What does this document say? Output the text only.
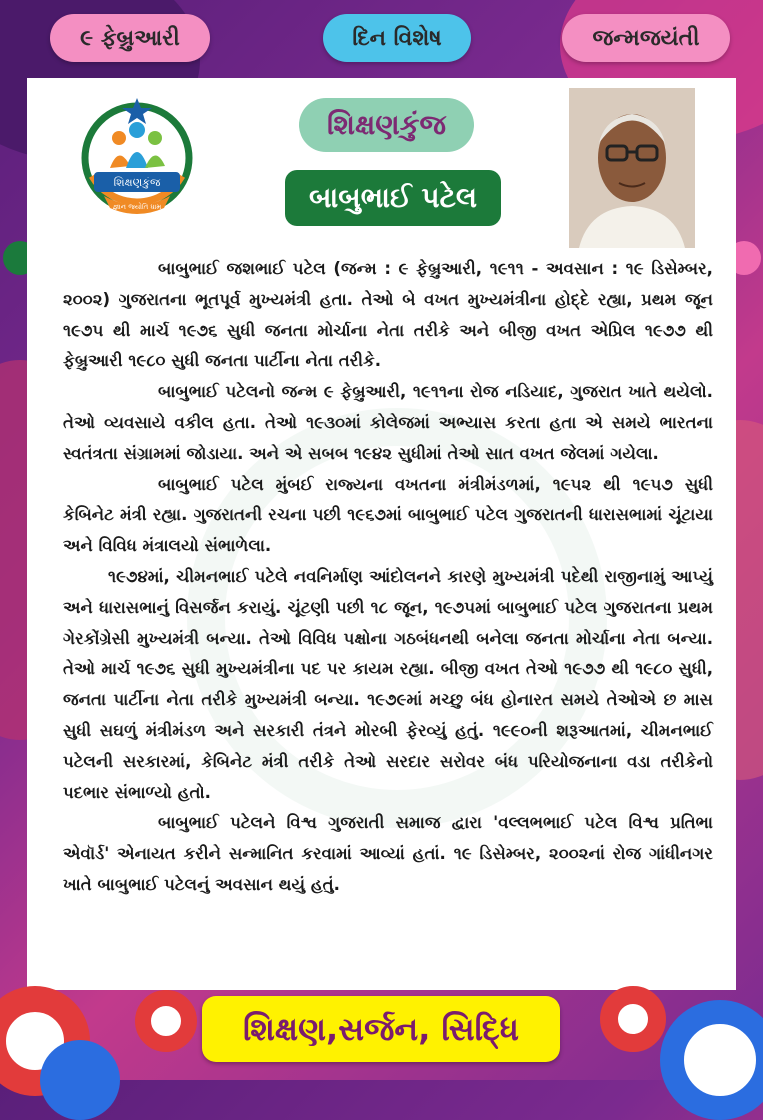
૯ ફેબ્રુઆરી	દિન વિશેષ	જન્મજયંતી
શિક્ષણકુંજ
જ્ઞાન જ્યોતિ ધામ
શિક્ષણકુંજ
બાબુભાઈ પટેલ

બાબુભાઈ જશભાઈ પટેલ (જન્મ : ૯ ફેબ્રુઆરી, ૧૯૧૧ - અવસાન : ૧૯ ડિસેમ્બર, ૨૦૦૨) ગુજરાતના ભૂતપૂર્વ મુખ્યમંત્રી હતા. તેઓ બે વખત મુખ્યમંત્રીના હોદ્દે રહ્યા, પ્રથમ જૂન ૧૯૭૫ થી માર્ચ ૧૯૭૬ સુધી જનતા મોર્ચાના નેતા તરીકે અને બીજી વખત એપ્રિલ ૧૯૭૭ થી ફેબ્રુઆરી ૧૯૮૦ સુધી જનતા પાર્ટીના નેતા તરીકે.

બાબુભાઈ પટેલનો જન્મ ૯ ફેબ્રુઆરી, ૧૯૧૧ના રોજ નડિયાદ, ગુજરાત ખાતે થયેલો. તેઓ વ્યવસાયે વકીલ હતા. તેઓ ૧૯૩૦માં કોલેજમાં અભ્યાસ કરતા હતા એ સમયે ભારતના સ્વતંત્રતા સંગ્રામમાં જોડાયા. અને એ સબબ ૧૯૪૨ સુધીમાં તેઓ સાત વખત જેલમાં ગયેલા.

બાબુભાઈ પટેલ મુંબઈ રાજ્યના વખતના મંત્રીમંડળમાં, ૧૯૫૨ થી ૧૯૫૭ સુધી કેબિનેટ મંત્રી રહ્યા. ગુજરાતની રચના પછી ૧૯૬૭માં બાબુભાઈ પટેલ ગુજરાતની ધારાસભામાં ચૂંટાયા અને વિવિધ મંત્રાલયો સંભાળેલા.

૧૯૭૪માં, ચીમનભાઈ પટેલે નવનિર્માણ આંદોલનને કારણે મુખ્યમંત્રી પદેથી રાજીનામું આપ્યું અને ધારાસભાનું વિસર્જન કરાયું. ચૂંટણી પછી ૧૮ જૂન, ૧૯૭૫માં બાબુભાઈ પટેલ ગુજરાતના પ્રથમ ગેરકોંગ્રેસી મુખ્યમંત્રી બન્યા. તેઓ વિવિધ પક્ષોના ગઠબંધનથી બનેલા જનતા મોર્ચાના નેતા બન્યા. તેઓ માર્ચ ૧૯૭૬ સુધી મુખ્યમંત્રીના પદ પર કાયમ રહ્યા. બીજી વખત તેઓ ૧૯૭૭ થી ૧૯૮૦ સુધી, જનતા પાર્ટીના નેતા તરીકે મુખ્યમંત્રી બન્યા. ૧૯૭૯માં મચ્છુ બંધ હોનારત સમયે તેઓએ છ માસ સુધી સઘળું મંત્રીમંડળ અને સરકારી તંત્રને મોરબી ફેરવ્યું હતું. ૧૯૯૦ની શરૂઆતમાં, ચીમનભાઈ પટેલની સરકારમાં, કેબિનેટ મંત્રી તરીકે તેઓ સરદાર સરોવર બંધ પરિયોજનાના વડા તરીકેનો પદભાર સંભાળ્યો હતો.

બાબુભાઈ પટેલને વિશ્વ ગુજરાતી સમાજ દ્વારા 'વલ્લભભાઈ પટેલ વિશ્વ પ્રતિભા એવૉર્ડ' એનાયત કરીને સન્માનિત કરવામાં આવ્યાં હતાં. ૧૯ ડિસેમ્બર, ૨૦૦૨નાં રોજ ગાંધીનગર ખાતે બાબુભાઈ પટેલનું અવસાન થયું હતું.

શિક્ષણ,સર્જન, સિદ્ધિ
